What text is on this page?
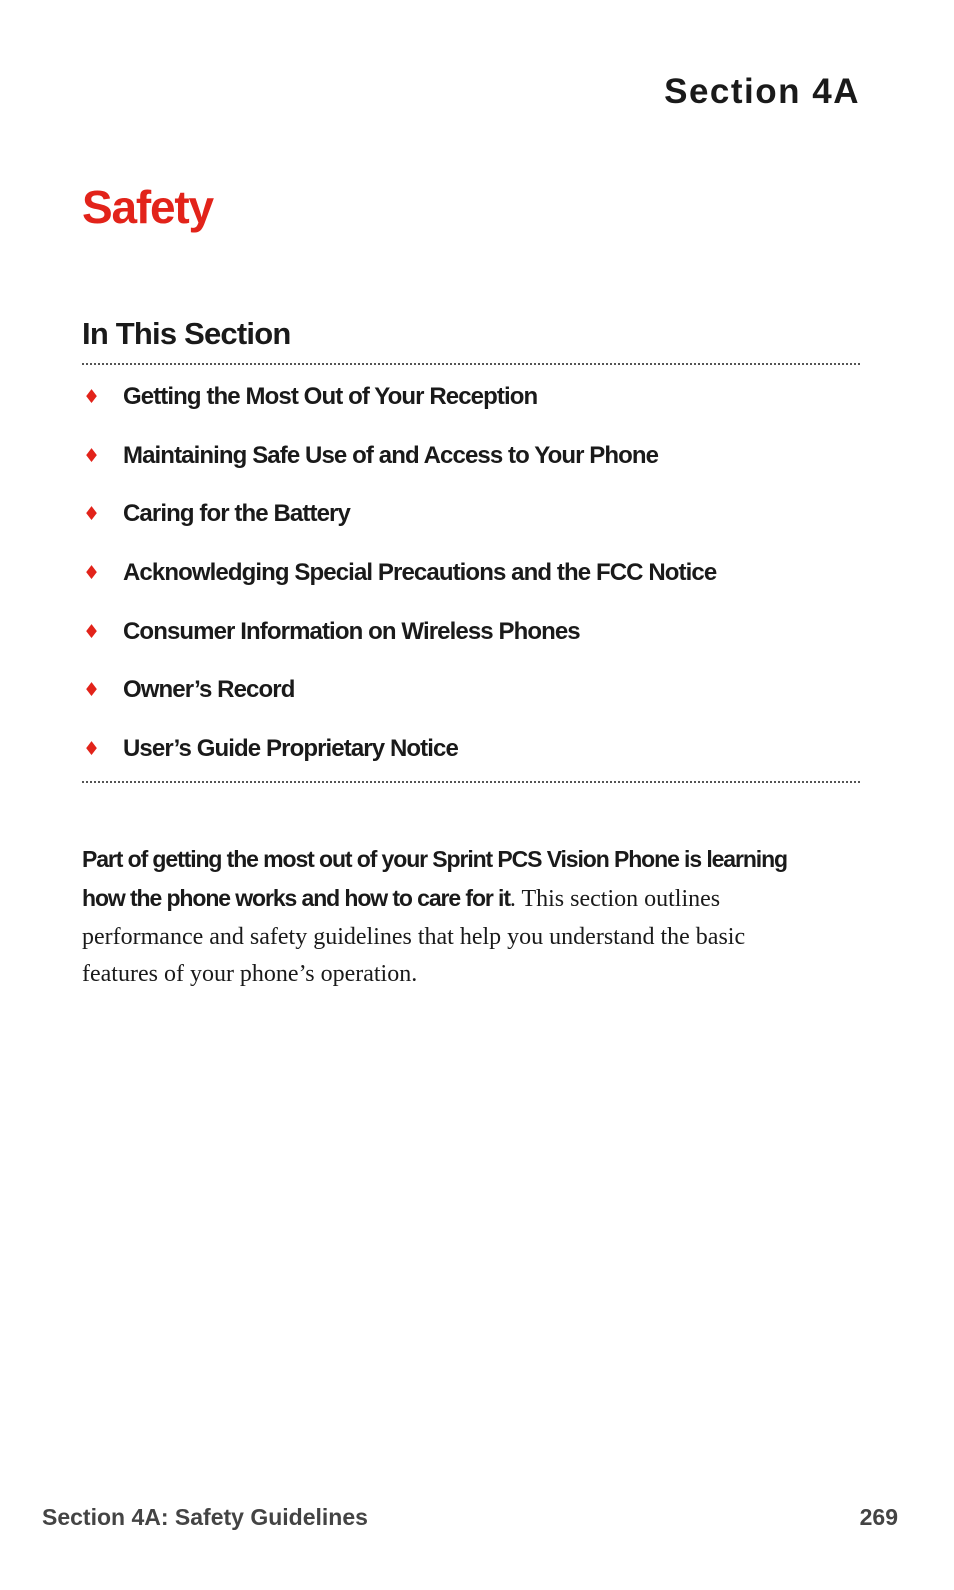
Section 4A
Safety
In This Section
♦ Getting the Most Out of Your Reception
♦ Maintaining Safe Use of and Access to Your Phone
♦ Caring for the Battery
♦ Acknowledging Special Precautions and the FCC Notice
♦ Consumer Information on Wireless Phones
♦ Owner’s Record
♦ User’s Guide Proprietary Notice

Part of getting the most out of your Sprint PCS Vision Phone is learning how the phone works and how to care for it. This section outlines performance and safety guidelines that help you understand the basic features of your phone’s operation.

Section 4A: Safety Guidelines	269
